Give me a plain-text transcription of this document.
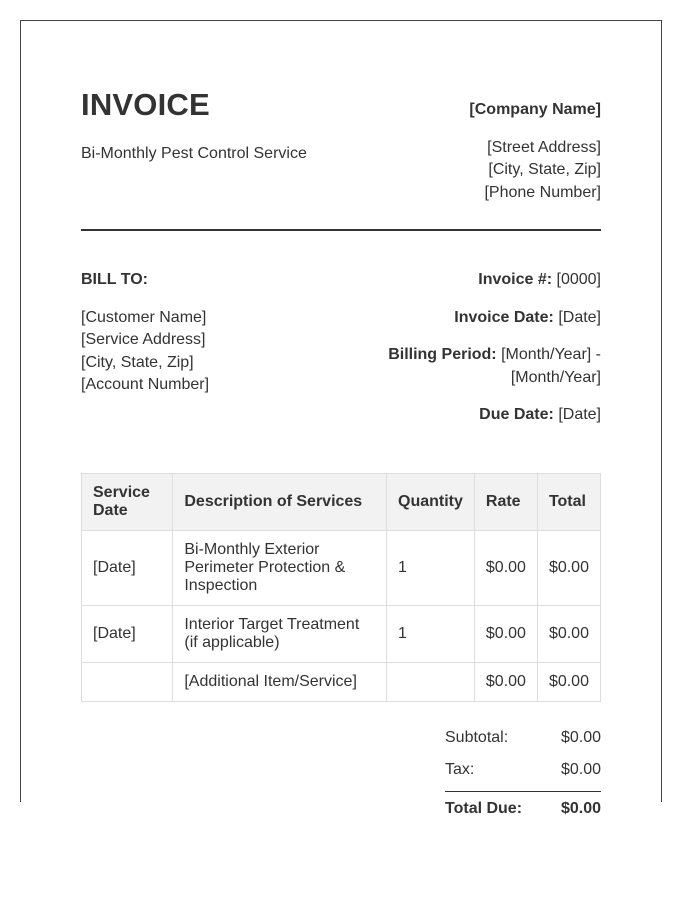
INVOICE
Bi-Monthly Pest Control Service
[Company Name]
[Street Address]
[City, State, Zip]
[Phone Number]
BILL TO:
[Customer Name]
[Service Address]
[City, State, Zip]
[Account Number]
Invoice #: [0000]
Invoice Date: [Date]
Billing Period: [Month/Year] -
[Month/Year]
Due Date: [Date]
Service Date	Description of Services	Quantity	Rate	Total
[Date]	Bi-Monthly Exterior Perimeter Protection & Inspection	1	$0.00	$0.00
[Date]	Interior Target Treatment (if applicable)	1	$0.00	$0.00
	[Additional Item/Service]		$0.00	$0.00
Subtotal:	$0.00
Tax:	$0.00
Total Due: $0.00
